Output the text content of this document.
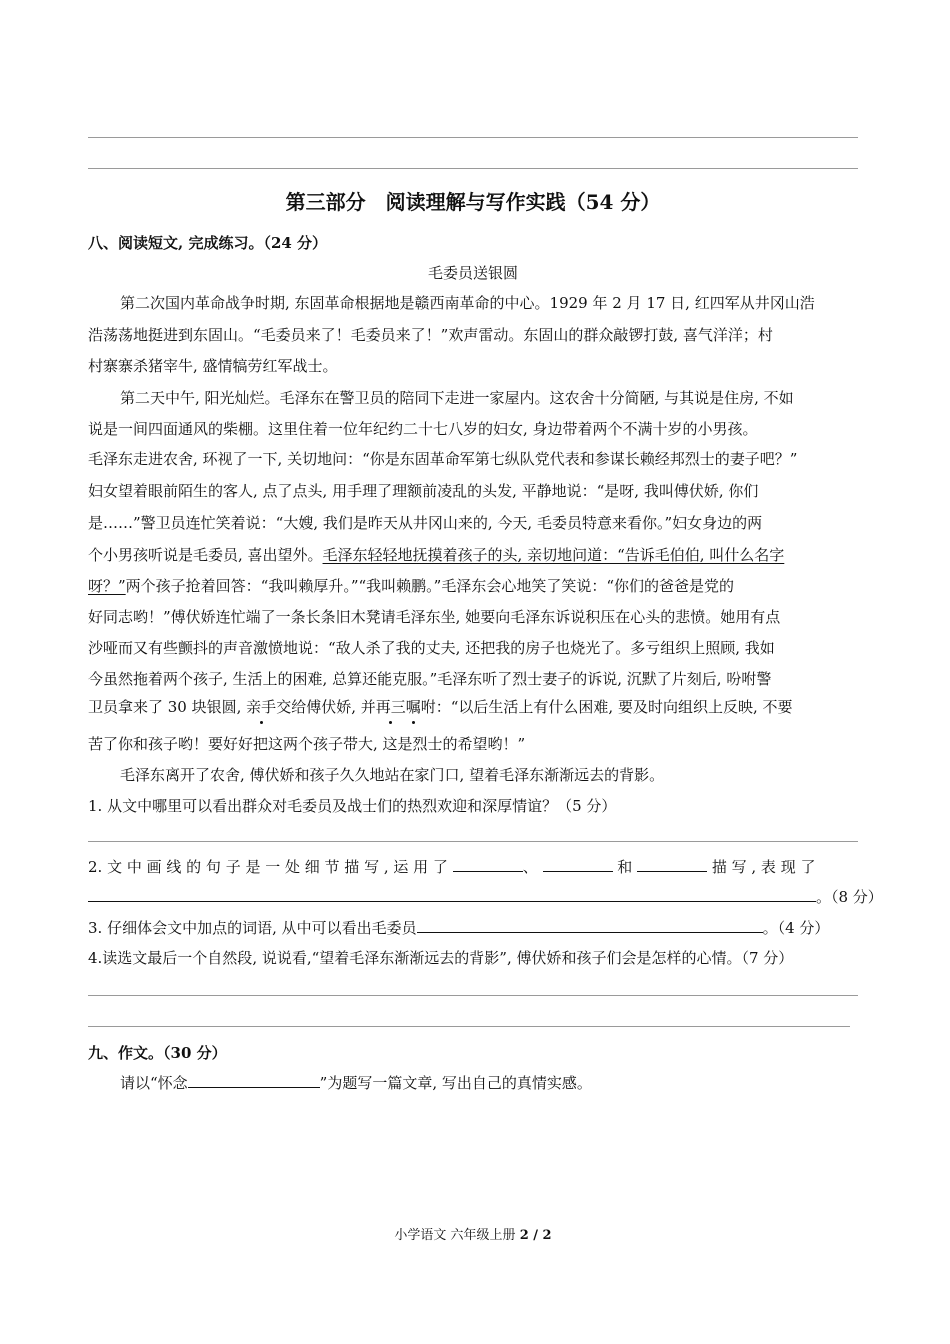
第三部分　阅读理解与写作实践（54 分）
八、阅读短文, 完成练习。（24 分）
毛委员送银圆
第二次国内革命战争时期, 东固革命根据地是赣西南革命的中心。1929 年 2 月 17 日, 红四军从井冈山浩
浩荡荡地挺进到东固山。“毛委员来了！毛委员来了！”欢声雷动。东固山的群众敲锣打鼓, 喜气洋洋；村
村寨寨杀猪宰牛, 盛情犒劳红军战士。
第二天中午, 阳光灿烂。毛泽东在警卫员的陪同下走进一家屋内。这农舍十分简陋, 与其说是住房, 不如
说是一间四面通风的柴棚。这里住着一位年纪约二十七八岁的妇女, 身边带着两个不满十岁的小男孩。
毛泽东走进农舍, 环视了一下, 关切地问：“你是东固革命军第七纵队党代表和参谋长赖经邦烈士的妻子吧？”
妇女望着眼前陌生的客人, 点了点头, 用手理了理额前凌乱的头发, 平静地说：“是呀, 我叫傅伏娇, 你们
是……”警卫员连忙笑着说：“大嫂, 我们是昨天从井冈山来的, 今天, 毛委员特意来看你。”妇女身边的两
个小男孩听说是毛委员, 喜出望外。毛泽东轻轻地抚摸着孩子的头, 亲切地问道：“告诉毛伯伯, 叫什么名字
呀？”两个孩子抢着回答：“我叫赖厚升。”“我叫赖鹏。”毛泽东会心地笑了笑说：“你们的爸爸是党的
好同志哟！”傅伏娇连忙端了一条长条旧木凳请毛泽东坐, 她要向毛泽东诉说积压在心头的悲愤。她用有点
沙哑而又有些颤抖的声音激愤地说：“敌人杀了我的丈夫, 还把我的房子也烧光了。多亏组织上照顾, 我如
今虽然拖着两个孩子, 生活上的困难, 总算还能克服。”毛泽东听了烈士妻子的诉说, 沉默了片刻后, 吩咐警
卫员拿来了 30 块银圆, 亲手交给傅伏娇, 并再三嘱咐：“以后生活上有什么困难, 要及时向组织上反映, 不要
苦了你和孩子哟！要好好把这两个孩子带大, 这是烈士的希望哟！”
毛泽东离开了农舍, 傅伏娇和孩子久久地站在家门口, 望着毛泽东渐渐远去的背影。
1. 从文中哪里可以看出群众对毛委员及战士们的热烈欢迎和深厚情谊？（5 分）
2. 文 中 画 线 的 句 子 是 一 处 细 节 描 写 , 运 用 了	、	和	描 写 , 表 现 了
。（8 分）
3. 仔细体会文中加点的词语, 从中可以看出毛委员	。（4 分）
4.读选文最后一个自然段, 说说看,“望着毛泽东渐渐远去的背影”, 傅伏娇和孩子们会是怎样的心情。（7 分）
九、作文。（30 分）
请以“怀念	”为题写一篇文章, 写出自己的真情实感。
小学语文 六年级上册 2 / 2
